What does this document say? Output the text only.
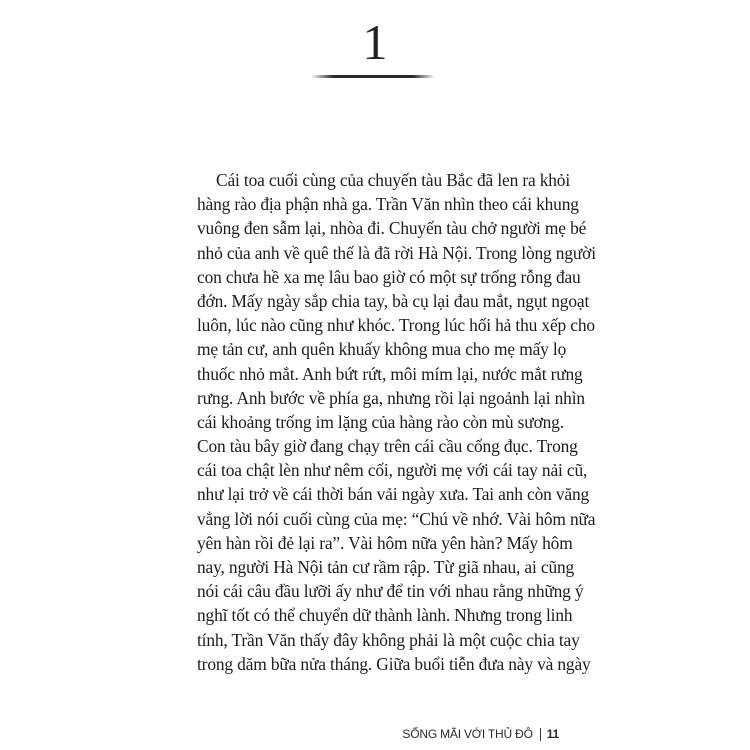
1
Cái toa cuối cùng của chuyến tàu Bắc đã len ra khỏi
hàng rào địa phận nhà ga. Trần Văn nhìn theo cái khung
vuông đen sẫm lại, nhòa đi. Chuyến tàu chở người mẹ bé
nhỏ của anh về quê thế là đã rời Hà Nội. Trong lòng người
con chưa hề xa mẹ lâu bao giờ có một sự trống rỗng đau
đớn. Mấy ngày sắp chia tay, bà cụ lại đau mắt, ngụt ngoạt
luôn, lúc nào cũng như khóc. Trong lúc hối hả thu xếp cho
mẹ tản cư, anh quên khuấy không mua cho mẹ mấy lọ
thuốc nhỏ mắt. Anh bứt rứt, môi mím lại, nước mắt rưng
rưng. Anh bước về phía ga, nhưng rồi lại ngoảnh lại nhìn
cái khoảng trống im lặng của hàng rào còn mù sương.
Con tàu bây giờ đang chạy trên cái cầu cổng đục. Trong
cái toa chật lèn như nêm cối, người mẹ với cái tay nải cũ,
như lại trở về cái thời bán vải ngày xưa. Tai anh còn văng
vẳng lời nói cuối cùng của mẹ: “Chú về nhớ. Vài hôm nữa
yên hàn rồi đẻ lại ra”. Vài hôm nữa yên hàn? Mấy hôm
nay, người Hà Nội tản cư rầm rập. Từ giã nhau, ai cũng
nói cái câu đầu lưỡi ấy như để tin với nhau rằng những ý
nghĩ tốt có thể chuyển dữ thành lành. Nhưng trong linh
tính, Trần Văn thấy đây không phải là một cuộc chia tay
trong dăm bữa nửa tháng. Giữa buổi tiễn đưa này và ngày
SỐNG MÃI VỚI THỦ ĐÔ 11
